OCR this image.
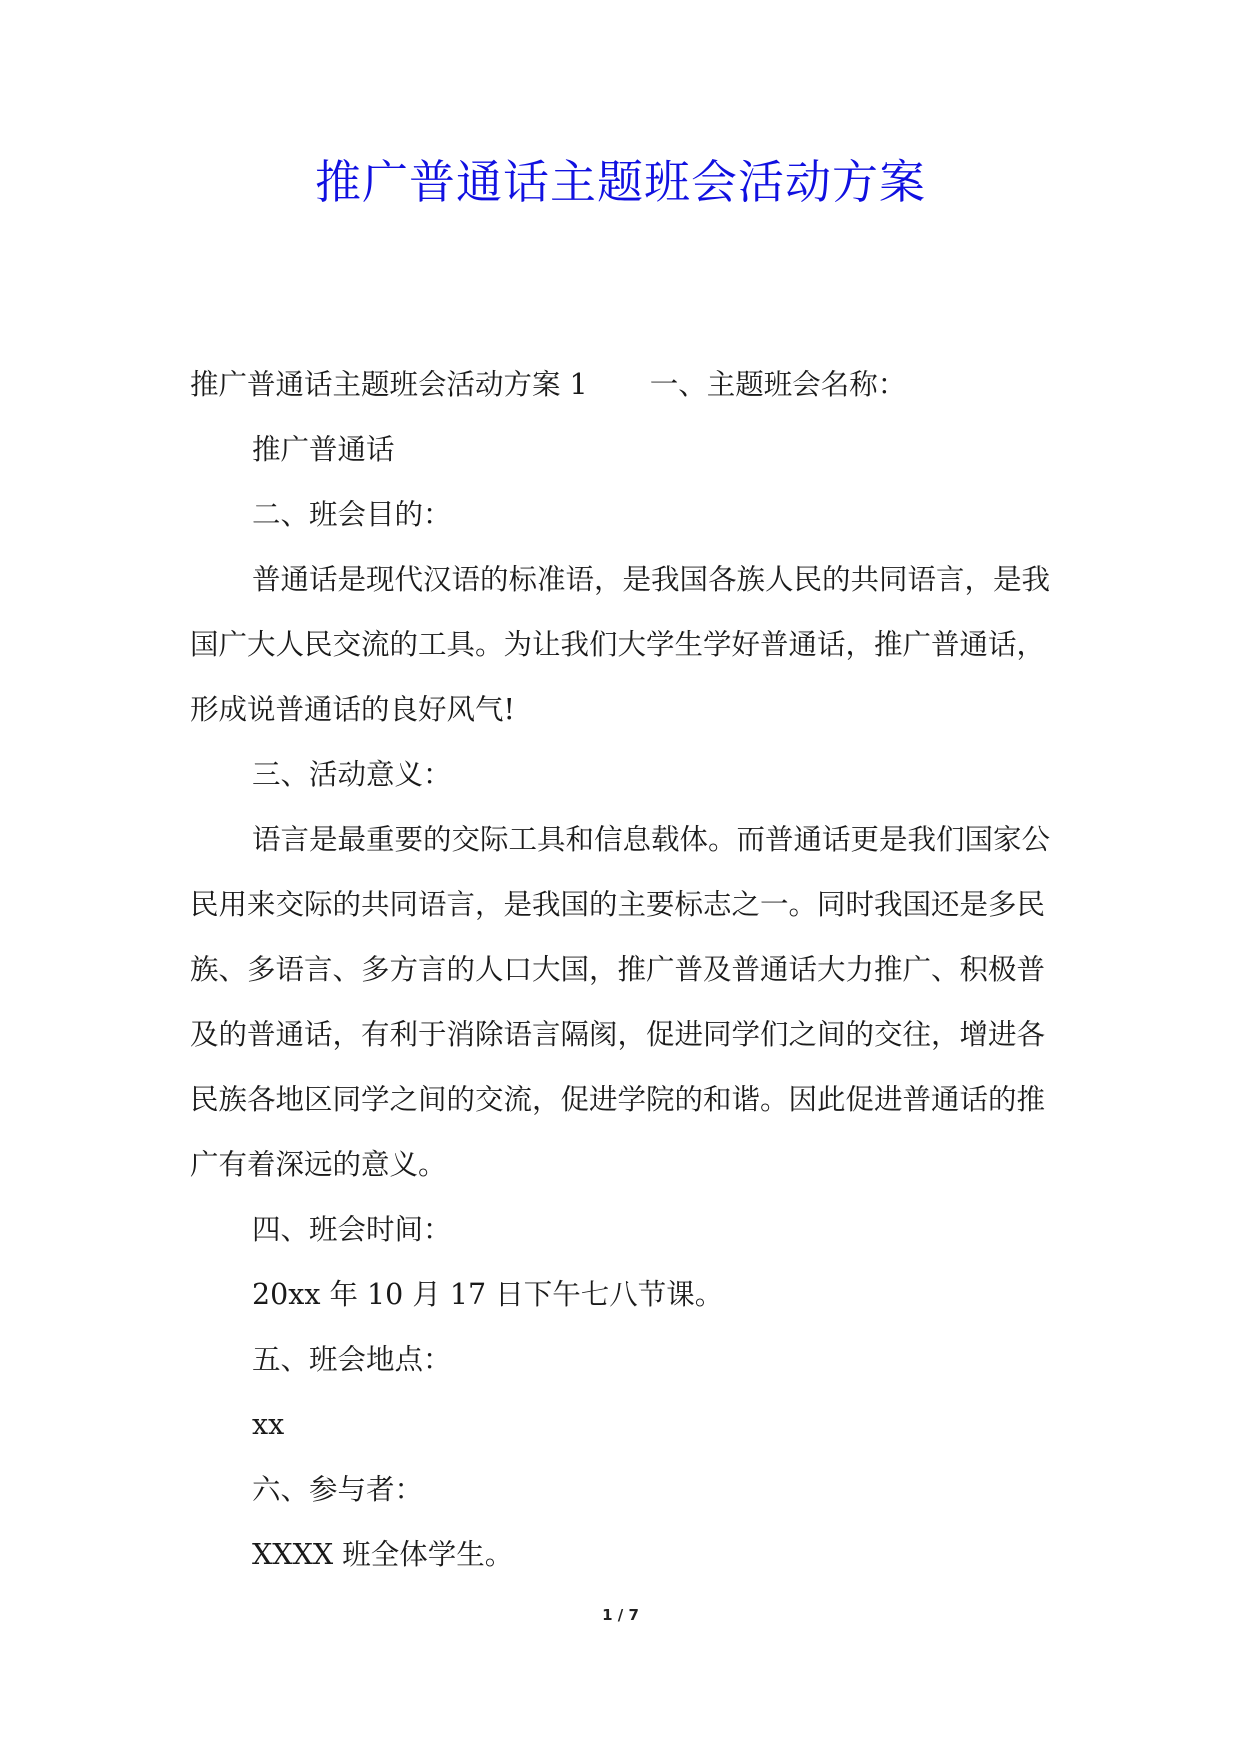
推广普通话主题班会活动方案

推广普通话主题班会活动方案 1 一、主题班会名称：

推广普通话

二、班会目的：

普通话是现代汉语的标准语，是我国各族人民的共同语言，是我国广大人民交流的工具。为让我们大学生学好普通话，推广普通话，形成说普通话的良好风气!

三、活动意义：

语言是最重要的交际工具和信息载体。而普通话更是我们国家公民用来交际的共同语言，是我国的主要标志之一。同时我国还是多民族、多语言、多方言的人口大国，推广普及普通话大力推广、积极普及的普通话，有利于消除语言隔阂，促进同学们之间的交往，增进各民族各地区同学之间的交流，促进学院的和谐。因此促进普通话的推广有着深远的意义。

四、班会时间：

20xx 年 10 月 17 日下午七八节课。

五、班会地点：

xx

六、参与者：

XXXX 班全体学生。

1 / 7
